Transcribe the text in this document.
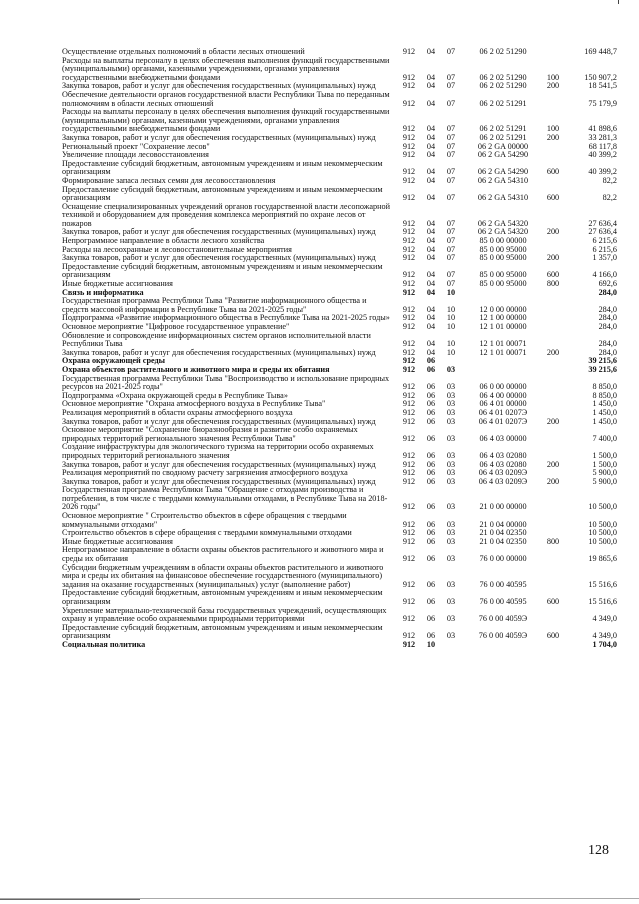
Осуществление отдельных полномочий в области лесных отношений	912	04	07	06 2 02 51290	169 448,7
Расходы на выплаты персоналу в целях обеспечения выполнения функций государственными (муниципальными) органами, казенными учреждениями, органами управления государственными внебюджетными фондами	912	04	07	06 2 02 51290	100	150 907,2
Закупка товаров, работ и услуг для обеспечения государственных (муниципальных) нужд	912	04	07	06 2 02 51290	200	18 541,5
Обеспечение деятельности органов государственной власти Республики Тыва по переданным полномочиям в области лесных отношений	912	04	07	06 2 02 51291	75 179,9
Расходы на выплаты персоналу в целях обеспечения выполнения функций государственными (муниципальными) органами, казенными учреждениями, органами управления государственными внебюджетными фондами	912	04	07	06 2 02 51291	100	41 898,6
Закупка товаров, работ и услуг для обеспечения государственных (муниципальных) нужд	912	04	07	06 2 02 51291	200	33 281,3
Региональный проект "Сохранение лесов"	912	04	07	06 2 GA 00000	68 117,8
Увеличение площади лесовосстановления	912	04	07	06 2 GA 54290	40 399,2
Предоставление субсидий бюджетным, автономным учреждениям и иным некоммерческим организациям	912	04	07	06 2 GA 54290	600	40 399,2
Формирование запаса лесных семян для лесовосстановления	912	04	07	06 2 GA 54310	82,2
Предоставление субсидий бюджетным, автономным учреждениям и иным некоммерческим организациям	912	04	07	06 2 GA 54310	600	82,2
Оснащение специализированных учреждений органов государственной власти лесопожарной техникой и оборудованием для проведения комплекса мероприятий по охране лесов от пожаров	912	04	07	06 2 GA 54320	27 636,4
Закупка товаров, работ и услуг для обеспечения государственных (муниципальных) нужд	912	04	07	06 2 GA 54320	200	27 636,4
Непрограммное направление в области лесного хозяйства	912	04	07	85 0 00 00000	6 215,6
Расходы на лесоохранные и лесовосстановительные мероприятия	912	04	07	85 0 00 95000	6 215,6
Закупка товаров, работ и услуг для обеспечения государственных (муниципальных) нужд	912	04	07	85 0 00 95000	200	1 357,0
Предоставление субсидий бюджетным, автономным учреждениям и иным некоммерческим организациям	912	04	07	85 0 00 95000	600	4 166,0
Иные бюджетные ассигнования	912	04	07	85 0 00 95000	800	692,6
Связь и информатика	912	04	10	284,0
Государственная программа Республики Тыва "Развитие информационного общества и средств массовой информации в Республике Тыва на 2021-2025 годы"	912	04	10	12 0 00 00000	284,0
Подпрограмма «Развитие информационного общества в Республике Тыва на 2021-2025 годы»	912	04	10	12 1 00 00000	284,0
Основное мероприятие "Цифровое государственное управление"	912	04	10	12 1 01 00000	284,0
Обновление и сопровождение информационных систем органов исполнительной власти Республики Тыва	912	04	10	12 1 01 00071	284,0
Закупка товаров, работ и услуг для обеспечения государственных (муниципальных) нужд	912	04	10	12 1 01 00071	200	284,0
Охрана окружающей среды	912	06	39 215,6
Охрана объектов растительного и животного мира и среды их обитания	912	06	03	39 215,6
Государственная программа Республики Тыва "Воспроизводство и использование природных ресурсов на 2021-2025 годы"	912	06	03	06 0 00 00000	8 850,0
Подпрограмма «Охрана окружающей среды в Республике Тыва»	912	06	03	06 4 00 00000	8 850,0
Основное мероприятие "Охрана атмосферного воздуха в Республике Тыва"	912	06	03	06 4 01 00000	1 450,0
Реализация мероприятий в области охраны атмосферного воздуха	912	06	03	06 4 01 0207Э	1 450,0
Закупка товаров, работ и услуг для обеспечения государственных (муниципальных) нужд	912	06	03	06 4 01 0207Э	200	1 450,0
Основное мероприятие "Сохранение биоразнообразия и развитие особо охраняемых природных территорий регионального значения Республики Тыва"	912	06	03	06 4 03 00000	7 400,0
Создание инфраструктуры для экологического туризма на территории особо охраняемых природных территорий регионального значения	912	06	03	06 4 03 02080	1 500,0
Закупка товаров, работ и услуг для обеспечения государственных (муниципальных) нужд	912	06	03	06 4 03 02080	200	1 500,0
Реализация мероприятий по сводному расчету загрязнения атмосферного воздуха	912	06	03	06 4 03 0209Э	5 900,0
Закупка товаров, работ и услуг для обеспечения государственных (муниципальных) нужд	912	06	03	06 4 03 0209Э	200	5 900,0
Государственная программа Республики Тыва "Обращение с отходами производства и потребления, в том числе с твердыми коммунальными отходами, в Республике Тыва на 2018-2026 годы"	912	06	03	21 0 00 00000	10 500,0
Основное мероприятие " Строительство объектов в сфере обращения с твердыми коммунальными отходами"	912	06	03	21 0 04 00000	10 500,0
Строительство объектов в сфере обращения с твердыми коммунальными отходами	912	06	03	21 0 04 02350	10 500,0
Иные бюджетные ассигнования	912	06	03	21 0 04 02350	800	10 500,0
Непрограммное направление в области охраны объектов растительного и животного мира и среды их обитания	912	06	03	76 0 00 00000	19 865,6
Субсидии бюджетным учреждениям в области охраны объектов растительного и животного мира и среды их обитания на финансовое обеспечение государственного (муниципального) задания на оказание государственных (муниципальных) услуг (выполнение работ)	912	06	03	76 0 00 40595	15 516,6
Предоставление субсидий бюджетным, автономным учреждениям и иным некоммерческим организациям	912	06	03	76 0 00 40595	600	15 516,6
Укрепление материально-технической базы государственных учреждений, осуществляющих охрану и управление особо охраняемыми природными территориями	912	06	03	76 0 00 4059Э	4 349,0
Предоставление субсидий бюджетным, автономным учреждениям и иным некоммерческим организациям	912	06	03	76 0 00 4059Э	600	4 349,0
Социальная политика	912	10	1 704,0
128
